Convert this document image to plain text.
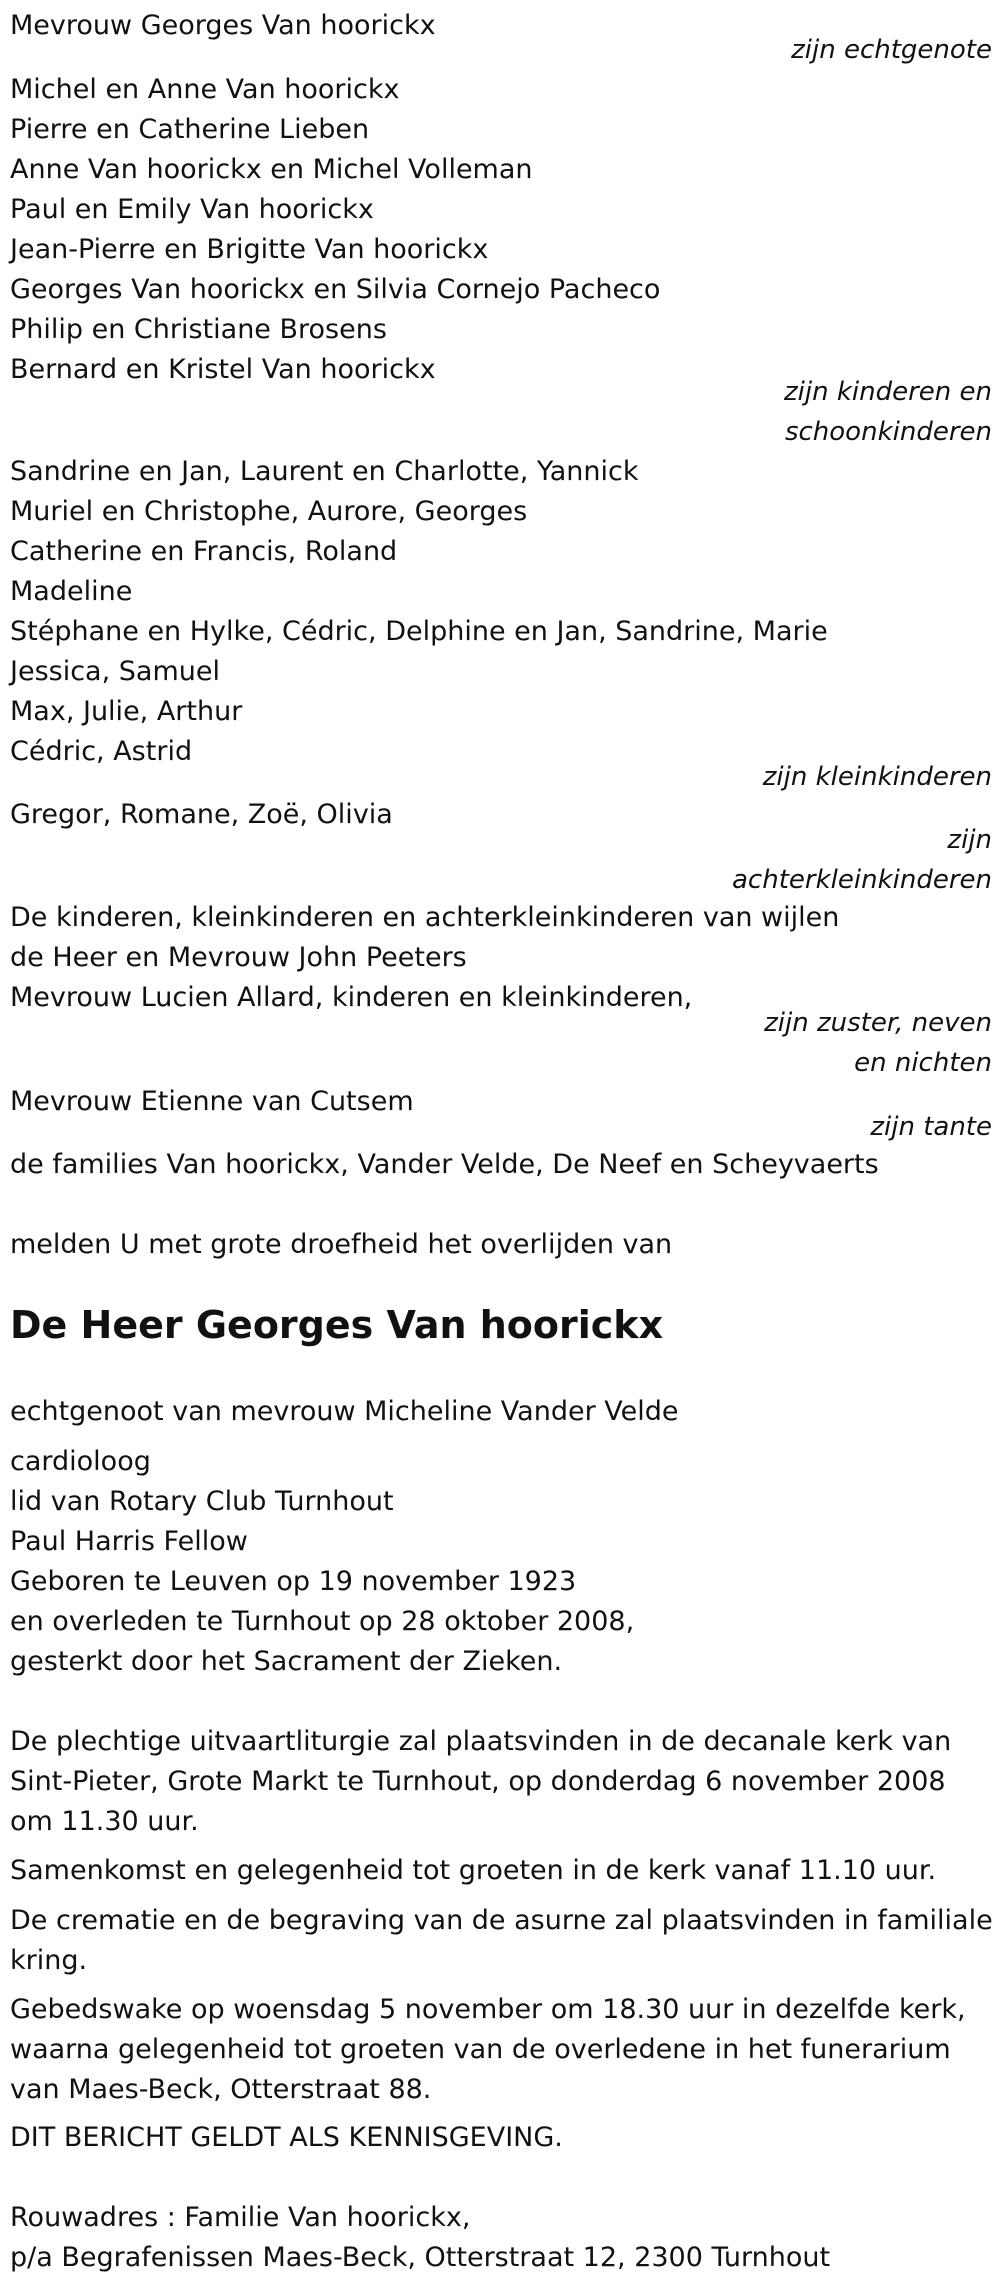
Mevrouw Georges Van hoorickx
zijn echtgenote
Michel en Anne Van hoorickx
Pierre en Catherine Lieben
Anne Van hoorickx en Michel Volleman
Paul en Emily Van hoorickx
Jean-Pierre en Brigitte Van hoorickx
Georges Van hoorickx en Silvia Cornejo Pacheco
Philip en Christiane Brosens
Bernard en Kristel Van hoorickx
zijn kinderen en
schoonkinderen
Sandrine en Jan, Laurent en Charlotte, Yannick
Muriel en Christophe, Aurore, Georges
Catherine en Francis, Roland
Madeline
Stéphane en Hylke, Cédric, Delphine en Jan, Sandrine, Marie
Jessica, Samuel
Max, Julie, Arthur
Cédric, Astrid
zijn kleinkinderen
Gregor, Romane, Zoë, Olivia
zijn
achterkleinkinderen
De kinderen, kleinkinderen en achterkleinkinderen van wijlen
de Heer en Mevrouw John Peeters
Mevrouw Lucien Allard, kinderen en kleinkinderen,
zijn zuster, neven
en nichten
Mevrouw Etienne van Cutsem
zijn tante
de families Van hoorickx, Vander Velde, De Neef en Scheyvaerts
melden U met grote droefheid het overlijden van
De Heer Georges Van hoorickx
echtgenoot van mevrouw Micheline Vander Velde
cardioloog
lid van Rotary Club Turnhout
Paul Harris Fellow
Geboren te Leuven op 19 november 1923
en overleden te Turnhout op 28 oktober 2008,
gesterkt door het Sacrament der Zieken.
De plechtige uitvaartliturgie zal plaatsvinden in de decanale kerk van
Sint-Pieter, Grote Markt te Turnhout, op donderdag 6 november 2008
om 11.30 uur.
Samenkomst en gelegenheid tot groeten in de kerk vanaf 11.10 uur.
De crematie en de begraving van de asurne zal plaatsvinden in familiale
kring.
Gebedswake op woensdag 5 november om 18.30 uur in dezelfde kerk,
waarna gelegenheid tot groeten van de overledene in het funerarium
van Maes-Beck, Otterstraat 88.
DIT BERICHT GELDT ALS KENNISGEVING.
Rouwadres : Familie Van hoorickx,
p/a Begrafenissen Maes-Beck, Otterstraat 12, 2300 Turnhout
